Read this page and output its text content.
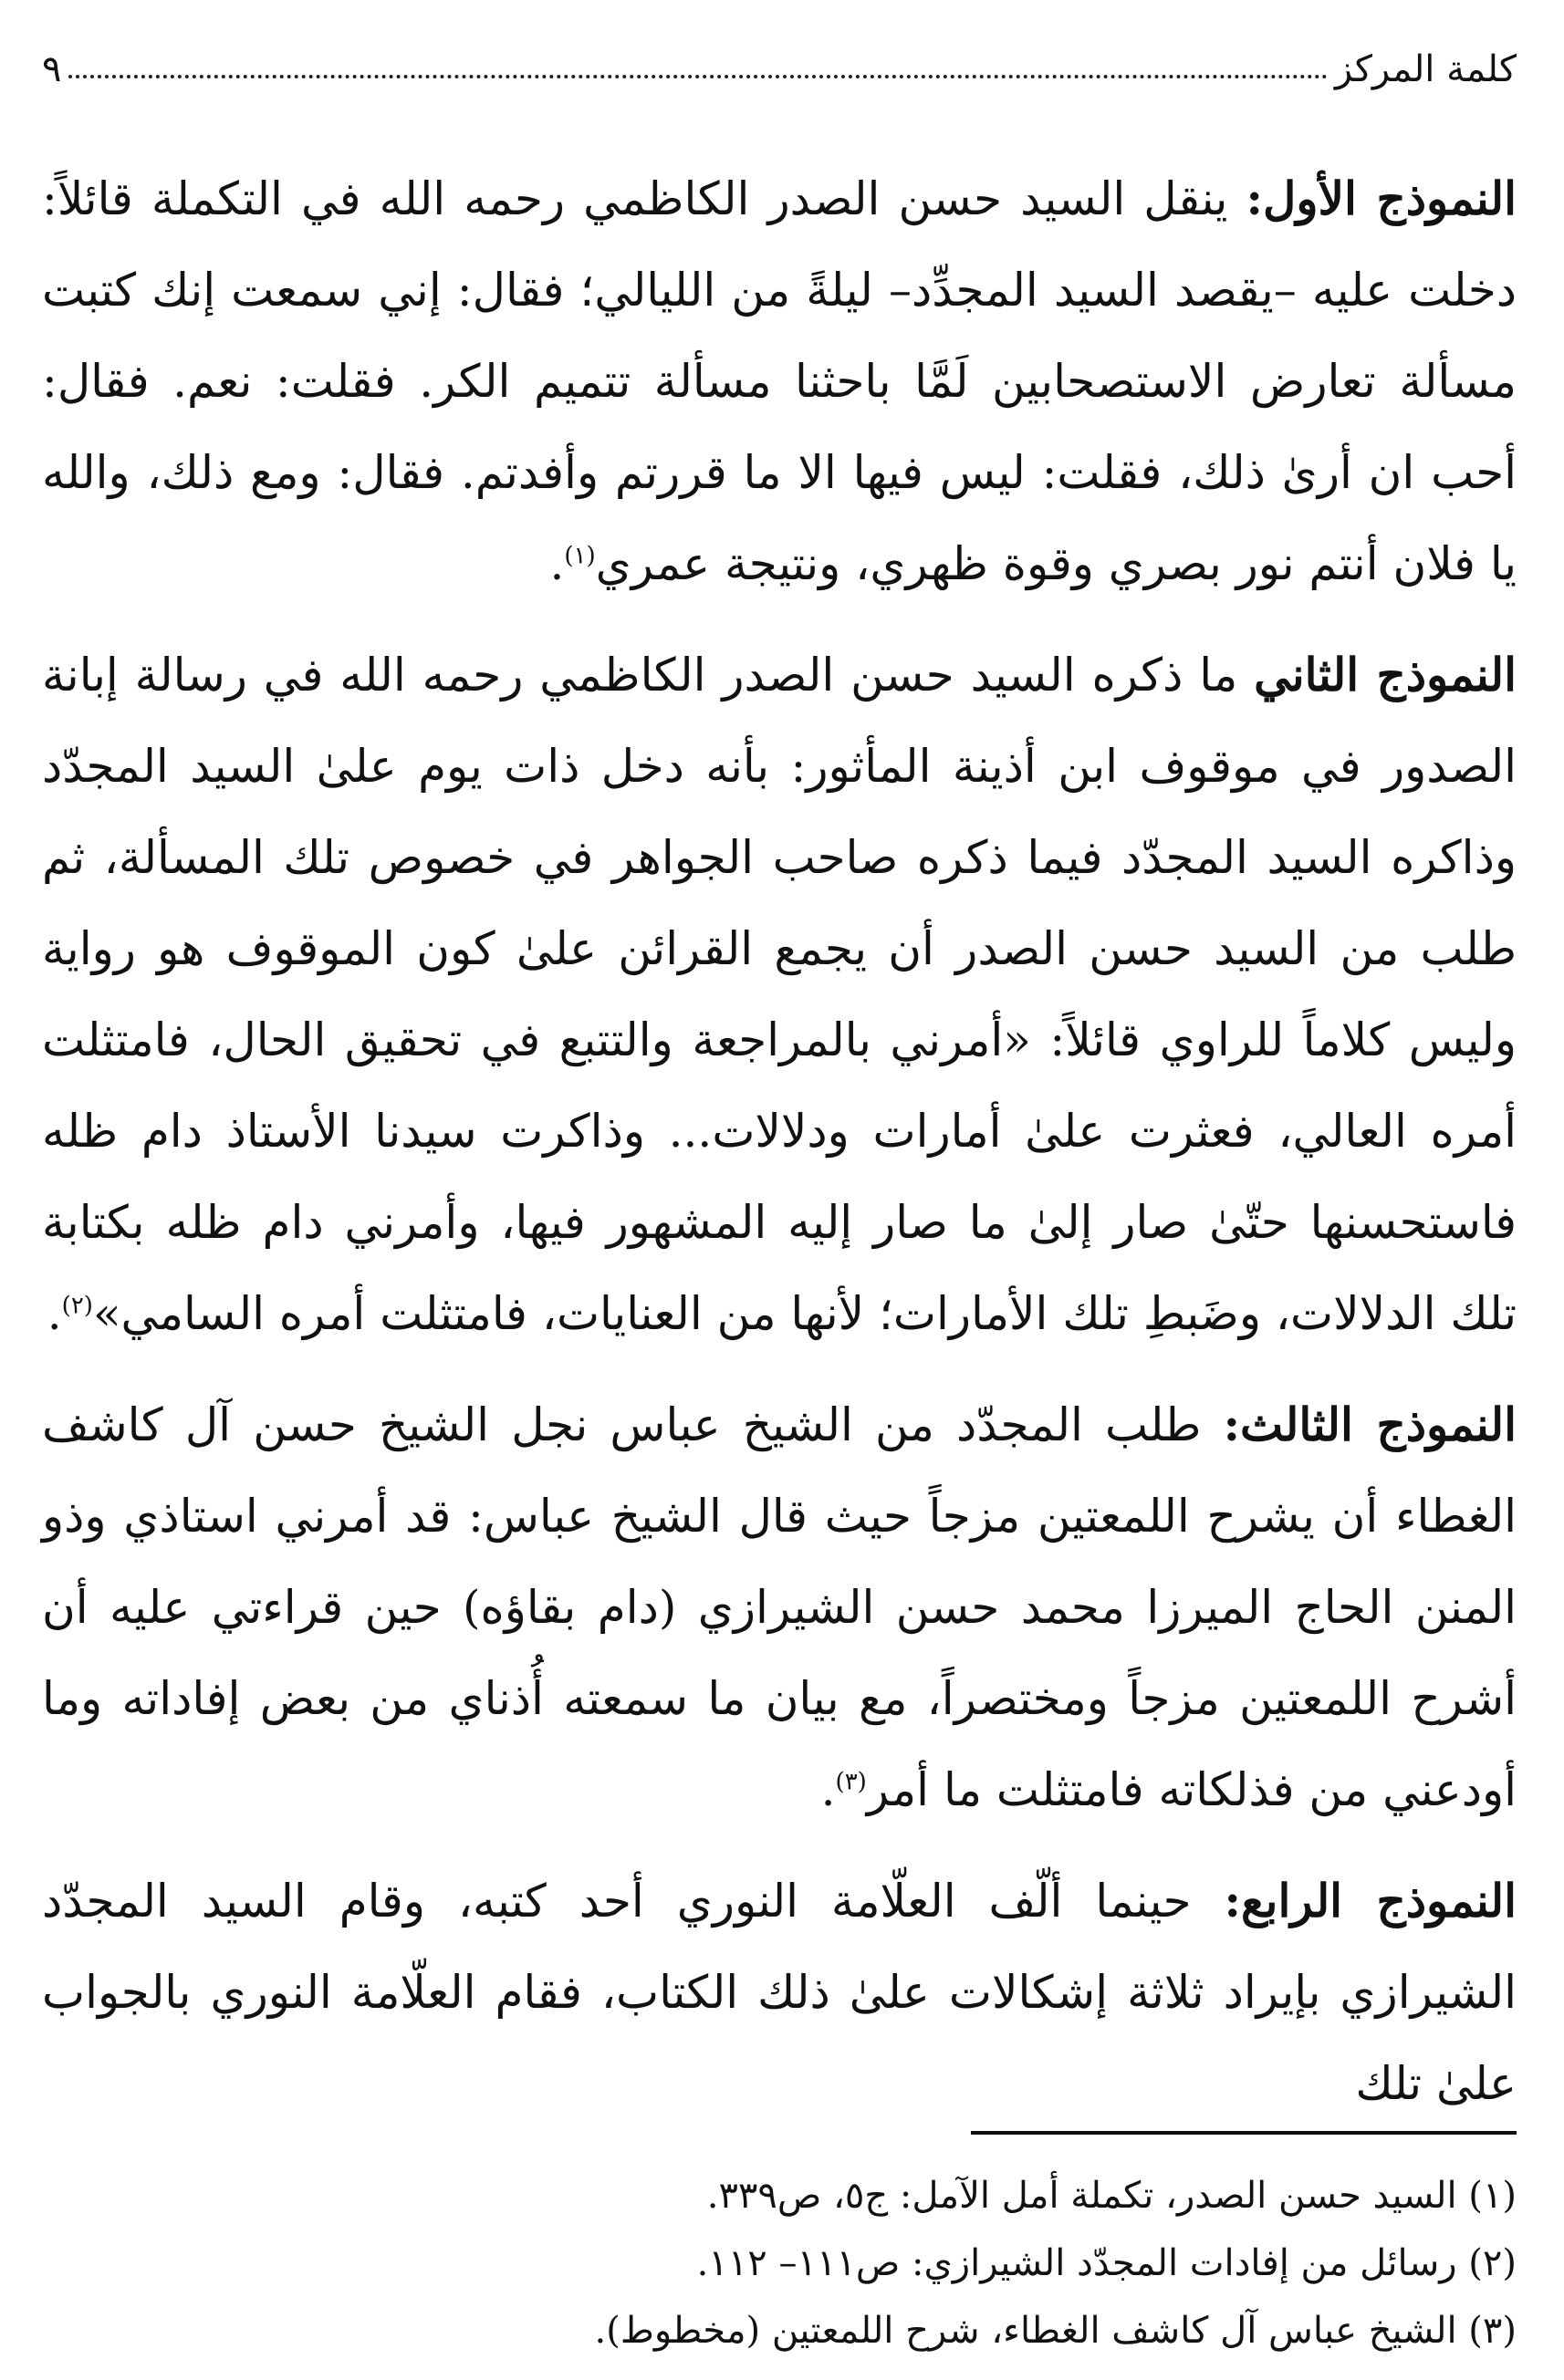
كلمة المركز
٩

النموذج الأول: ينقل السيد حسن الصدر الكاظمي رحمه الله في التكملة قائلاً: دخلت عليه –يقصد السيد المجدِّد– ليلةً من الليالي؛ فقال: إني سمعت إنك كتبت مسألة تعارض الاستصحابين لَمَّا باحثنا مسألة تتميم الكر. فقلت: نعم. فقال: أحب ان أرىٰ ذلك، فقلت: ليس فيها الا ما قررتم وأفدتم. فقال: ومع ذلك، والله يا فلان أنتم نور بصري وقوة ظهري، ونتيجة عمري$^{(١)}$.

النموذج الثاني ما ذكره السيد حسن الصدر الكاظمي رحمه الله في رسالة إبانة الصدور في موقوف ابن أذينة المأثور: بأنه دخل ذات يوم علىٰ السيد المجدّد وذاكره السيد المجدّد فيما ذكره صاحب الجواهر في خصوص تلك المسألة، ثم طلب من السيد حسن الصدر أن يجمع القرائن علىٰ كون الموقوف هو رواية وليس كلاماً للراوي قائلاً: «أمرني بالمراجعة والتتبع في تحقيق الحال، فامتثلت أمره العالي، فعثرت علىٰ أمارات ودلالات... وذاكرت سيدنا الأستاذ دام ظله فاستحسنها حتّىٰ صار إلىٰ ما صار إليه المشهور فيها، وأمرني دام ظله بكتابة تلك الدلالات، وضَبطِ تلك الأمارات؛ لأنها من العنايات، فامتثلت أمره السامي»$^{(٢)}$.

النموذج الثالث: طلب المجدّد من الشيخ عباس نجل الشيخ حسن آل كاشف الغطاء أن يشرح اللمعتين مزجاً حيث قال الشيخ عباس: قد أمرني استاذي وذو المنن الحاج الميرزا محمد حسن الشيرازي (دام بقاؤه) حين قراءتي عليه أن أشرح اللمعتين مزجاً ومختصراً، مع بيان ما سمعته أُذناي من بعض إفاداته وما أودعني من فذلكاته فامتثلت ما أمر$^{(٣)}$.

النموذج الرابع: حينما ألّف العلّامة النوري أحد كتبه، وقام السيد المجدّد الشيرازي بإيراد ثلاثة إشكالات علىٰ ذلك الكتاب، فقام العلّامة النوري بالجواب علىٰ تلك

(١) السيد حسن الصدر، تكملة أمل الآمل: ج٥، ص٣٣٩.

(٢) رسائل من إفادات المجدّد الشيرازي: ص١١١– ١١٢.

(٣) الشيخ عباس آل كاشف الغطاء، شرح اللمعتين (مخطوط).
